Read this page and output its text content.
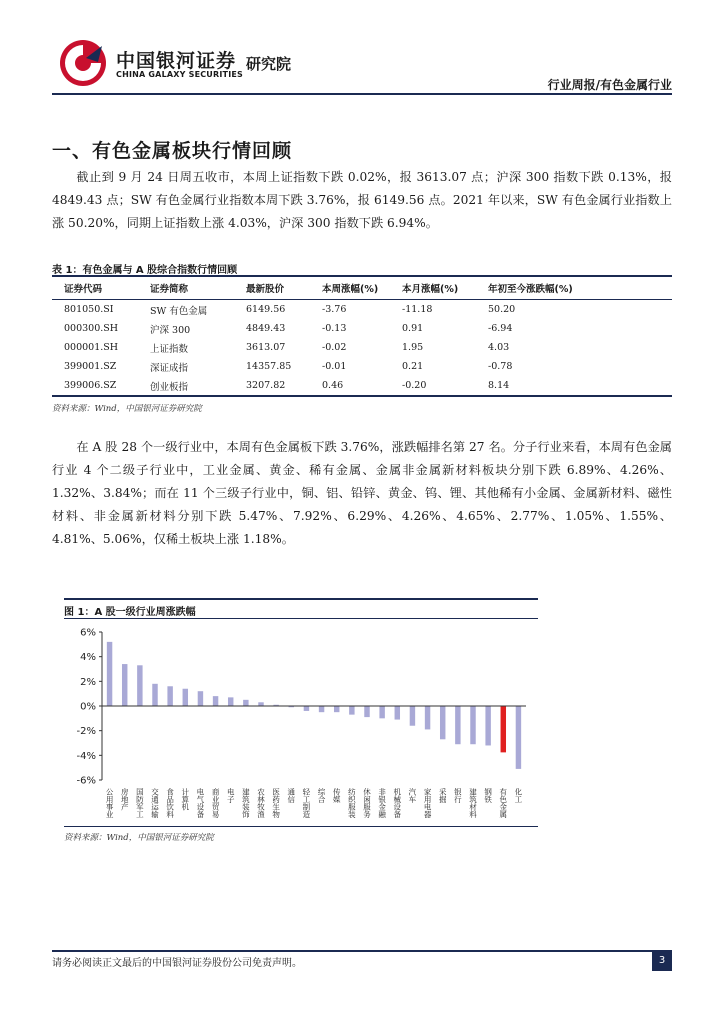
中国银河证券
CHINA GALAXY SECURITIES
研究院
行业周报/有色金属行业
一、有色金属板块行情回顾

截止到 9 月 24 日周五收市，本周上证指数下跌 0.02%，报 3613.07 点；沪深 300 指数下跌 0.13%，报 4849.43 点；SW 有色金属行业指数本周下跌 3.76%，报 6149.56 点。2021 年以来，SW 有色金属行业指数上涨 50.20%，同期上证指数上涨 4.03%，沪深 300 指数下跌 6.94%。

表 1：有色金属与 A 股综合指数行情回顾
证券代码	证券简称	最新股价	本周涨幅(%)	本月涨幅(%)	年初至今涨跌幅(%)
801050.SI	SW 有色金属	6149.56	-3.76	-11.18	50.20
000300.SH	沪深 300	4849.43	-0.13	0.91	-6.94
000001.SH	上证指数	3613.07	-0.02	1.95	4.03
399001.SZ	深证成指	14357.85	-0.01	0.21	-0.78
399006.SZ	创业板指	3207.82	0.46	-0.20	8.14
资料来源：Wind，中国银河证券研究院

在 A 股 28 个一级行业中，本周有色金属板下跌 3.76%，涨跌幅排名第 27 名。分子行业来看，本周有色金属行业 4 个二级子行业中，工业金属、黄金、稀有金属、金属非金属新材料板块分别下跌 6.89%、4.26%、1.32%、3.84%；而在 11 个三级子行业中，铜、铝、铅锌、黄金、钨、锂、其他稀有小金属、金属新材料、磁性材料、非金属新材料分别下跌 5.47%、7.92%、6.29%、4.26%、4.65%、2.77%、1.05%、1.55%、4.81%、5.06%，仅稀土板块上涨 1.18%。

图 1：A 股一级行业周涨跌幅
6%
4%
2%
0%
-2%
-4%
-6%
公用事业 房地产 国防军工 交通运输 食品饮料 计算机 电气设备 商业贸易 电子 建筑装饰 农林牧渔 医药生物 通信 轻工制造 综合 传媒 纺织服装 休闲服务 非银金融 机械设备 汽车 家用电器 采掘 银行 建筑材料 钢铁 有色金属 化工
资料来源：Wind，中国银河证券研究院
请务必阅读正文最后的中国银河证券股份公司免责声明。	3
